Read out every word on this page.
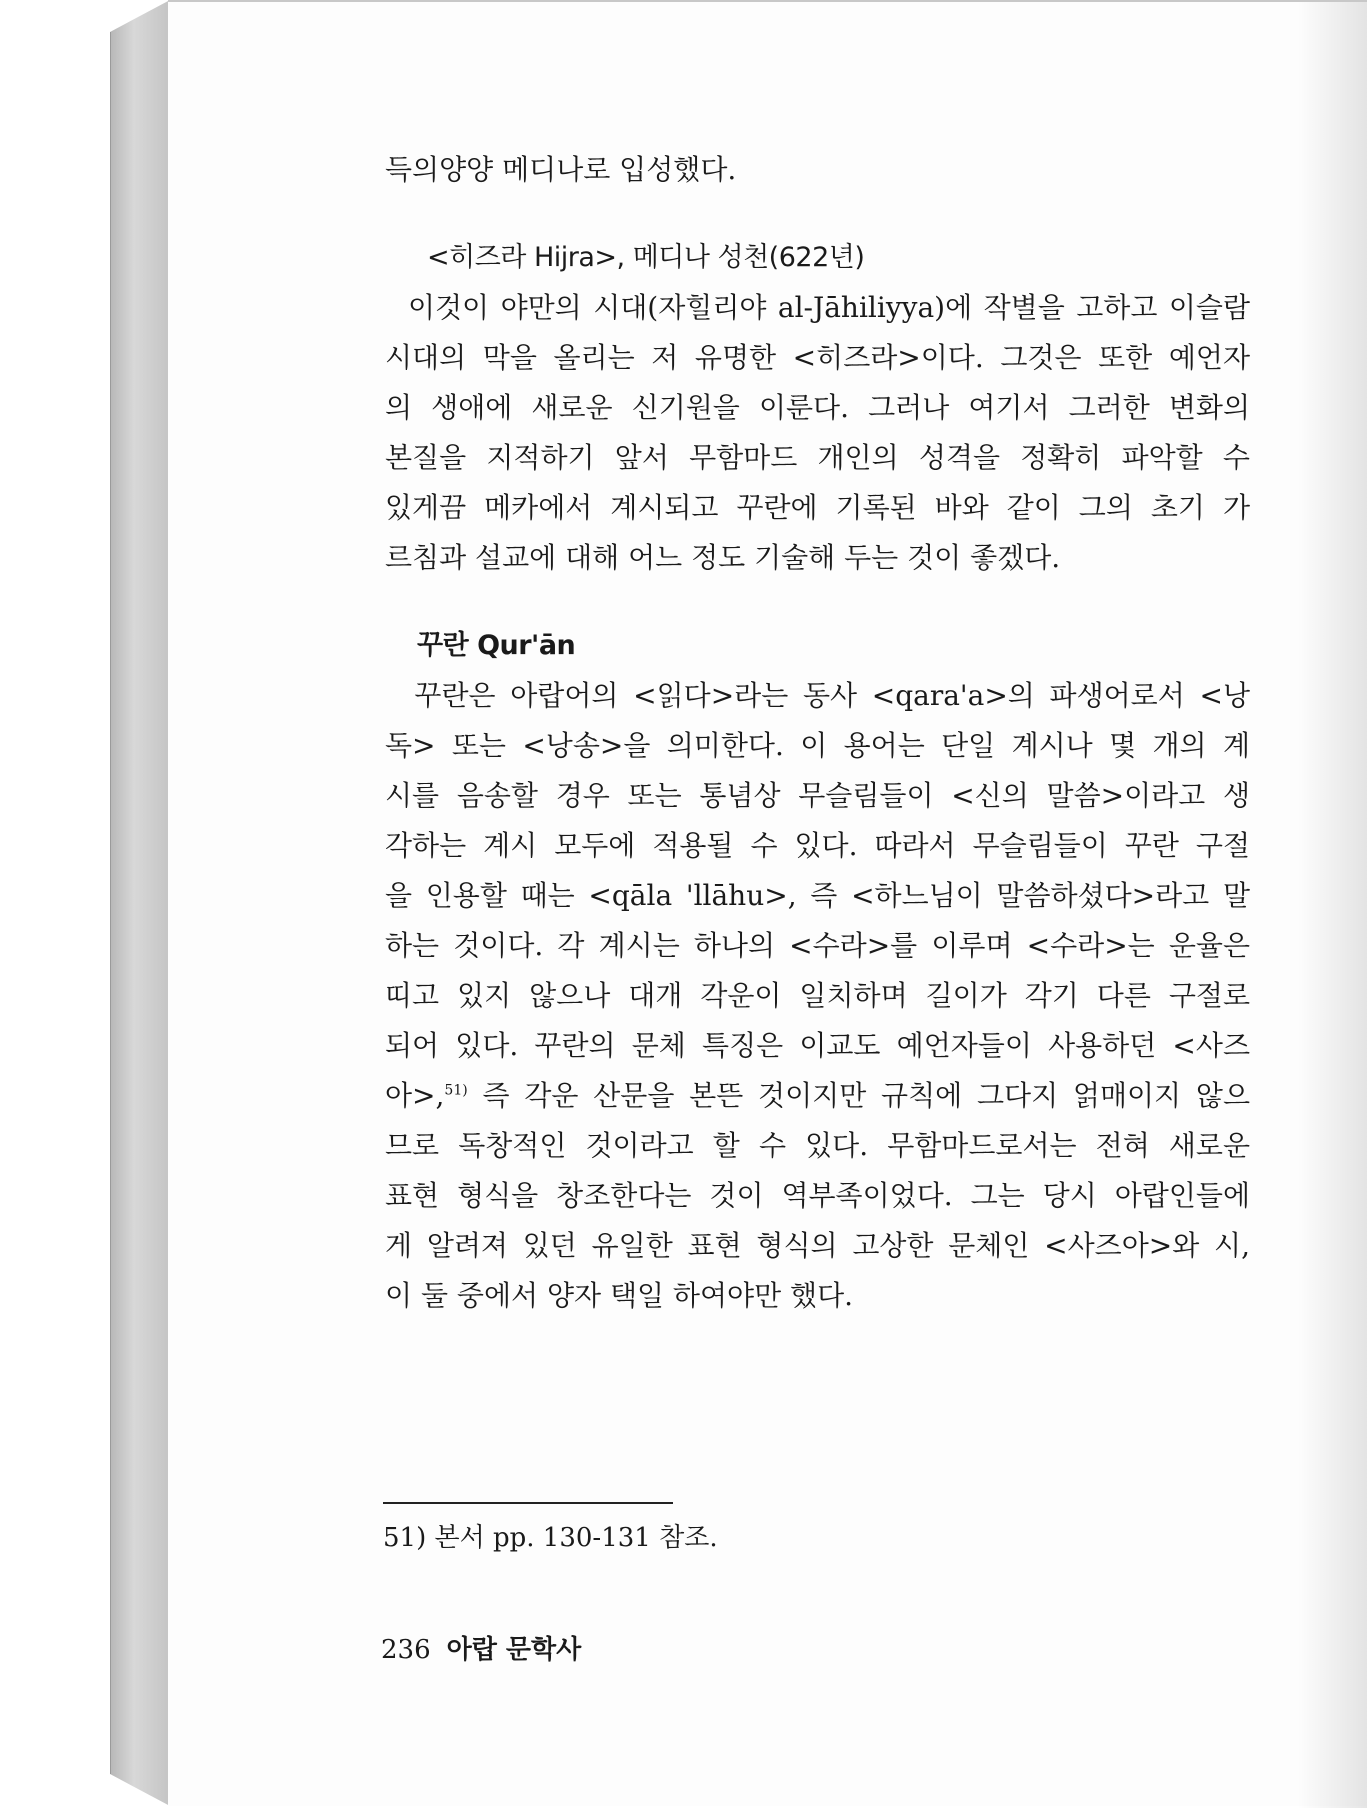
득의양양 메디나로 입성했다.
<히즈라 Hijra>, 메디나 성천(622년)
이것이 야만의 시대(자힐리야 al-Jāhiliyya)에 작별을 고하고 이슬람
시대의 막을 올리는 저 유명한 <히즈라>이다. 그것은 또한 예언자
의 생애에 새로운 신기원을 이룬다. 그러나 여기서 그러한 변화의
본질을 지적하기 앞서 무함마드 개인의 성격을 정확히 파악할 수
있게끔 메카에서 계시되고 꾸란에 기록된 바와 같이 그의 초기 가
르침과 설교에 대해 어느 정도 기술해 두는 것이 좋겠다.
꾸란 Qur'ān
꾸란은 아랍어의 <읽다>라는 동사 <qara'a>의 파생어로서 <낭
독> 또는 <낭송>을 의미한다. 이 용어는 단일 계시나 몇 개의 계
시를 음송할 경우 또는 통념상 무슬림들이 <신의 말씀>이라고 생
각하는 계시 모두에 적용될 수 있다. 따라서 무슬림들이 꾸란 구절
을 인용할 때는 <qāla 'llāhu>, 즉 <하느님이 말씀하셨다>라고 말
하는 것이다. 각 계시는 하나의 <수라>를 이루며 <수라>는 운율은
띠고 있지 않으나 대개 각운이 일치하며 길이가 각기 다른 구절로
되어 있다. 꾸란의 문체 특징은 이교도 예언자들이 사용하던 <사즈
아>,$^{51)}$ 즉 각운 산문을 본뜬 것이지만 규칙에 그다지 얽매이지 않으
므로 독창적인 것이라고 할 수 있다. 무함마드로서는 전혀 새로운
표현 형식을 창조한다는 것이 역부족이었다. 그는 당시 아랍인들에
게 알려져 있던 유일한 표현 형식의 고상한 문체인 <사즈아>와 시,
이 둘 중에서 양자 택일 하여야만 했다.
51) 본서 pp. 130-131 참조.
236 아랍 문학사
